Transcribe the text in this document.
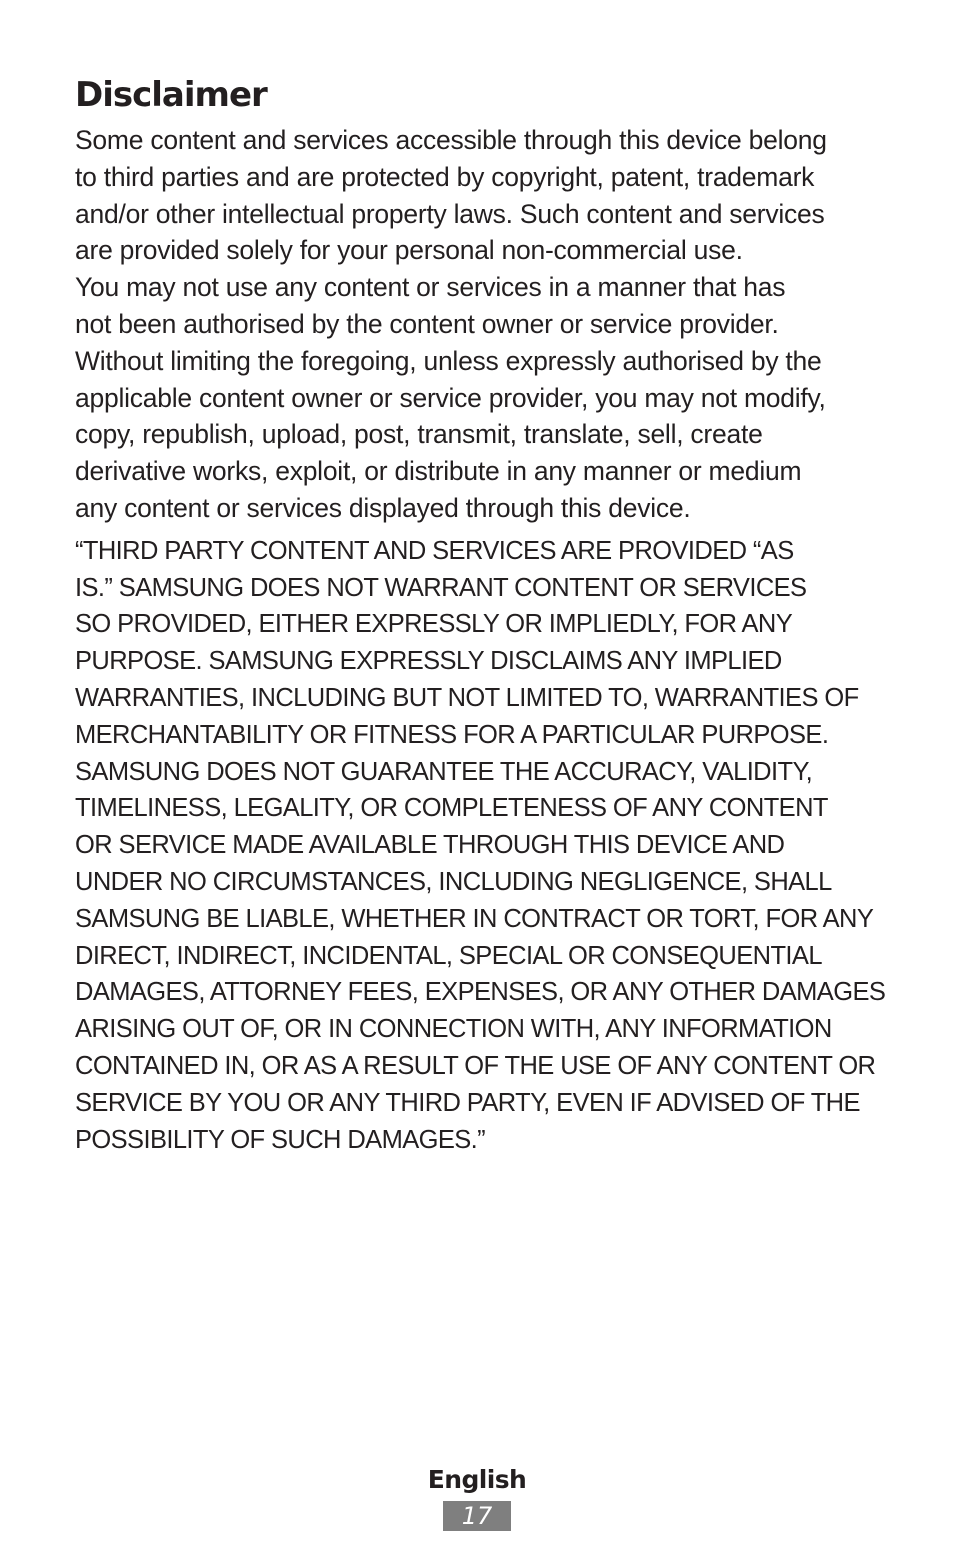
Disclaimer

Some content and services accessible through this device belong
to third parties and are protected by copyright, patent, trademark
and/or other intellectual property laws. Such content and services
are provided solely for your personal non-commercial use.
You may not use any content or services in a manner that has
not been authorised by the content owner or service provider.
Without limiting the foregoing, unless expressly authorised by the
applicable content owner or service provider, you may not modify,
copy, republish, upload, post, transmit, translate, sell, create
derivative works, exploit, or distribute in any manner or medium
any content or services displayed through this device.

“THIRD PARTY CONTENT AND SERVICES ARE PROVIDED “AS
IS.” SAMSUNG DOES NOT WARRANT CONTENT OR SERVICES
SO PROVIDED, EITHER EXPRESSLY OR IMPLIEDLY, FOR ANY
PURPOSE. SAMSUNG EXPRESSLY DISCLAIMS ANY IMPLIED
WARRANTIES, INCLUDING BUT NOT LIMITED TO, WARRANTIES OF
MERCHANTABILITY OR FITNESS FOR A PARTICULAR PURPOSE.
SAMSUNG DOES NOT GUARANTEE THE ACCURACY, VALIDITY,
TIMELINESS, LEGALITY, OR COMPLETENESS OF ANY CONTENT
OR SERVICE MADE AVAILABLE THROUGH THIS DEVICE AND
UNDER NO CIRCUMSTANCES, INCLUDING NEGLIGENCE, SHALL
SAMSUNG BE LIABLE, WHETHER IN CONTRACT OR TORT, FOR ANY
DIRECT, INDIRECT, INCIDENTAL, SPECIAL OR CONSEQUENTIAL
DAMAGES, ATTORNEY FEES, EXPENSES, OR ANY OTHER DAMAGES
ARISING OUT OF, OR IN CONNECTION WITH, ANY INFORMATION
CONTAINED IN, OR AS A RESULT OF THE USE OF ANY CONTENT OR
SERVICE BY YOU OR ANY THIRD PARTY, EVEN IF ADVISED OF THE
POSSIBILITY OF SUCH DAMAGES.”

English
17
